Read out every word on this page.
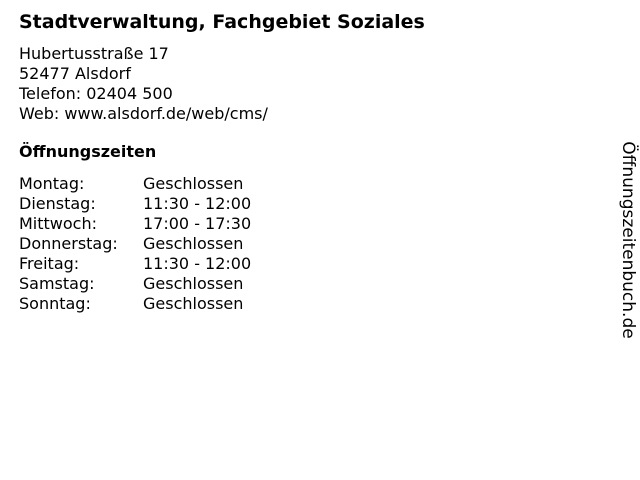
Stadtverwaltung, Fachgebiet Soziales
Hubertusstraße 17
52477 Alsdorf
Telefon: 02404 500
Web: www.alsdorf.de/web/cms/
Öffnungszeiten
Montag:	Geschlossen
Dienstag:	11:30 - 12:00
Mittwoch:	17:00 - 17:30
Donnerstag:	Geschlossen
Freitag:	11:30 - 12:00
Samstag:	Geschlossen
Sonntag:	Geschlossen	Öffnungszeitenbuch.de
